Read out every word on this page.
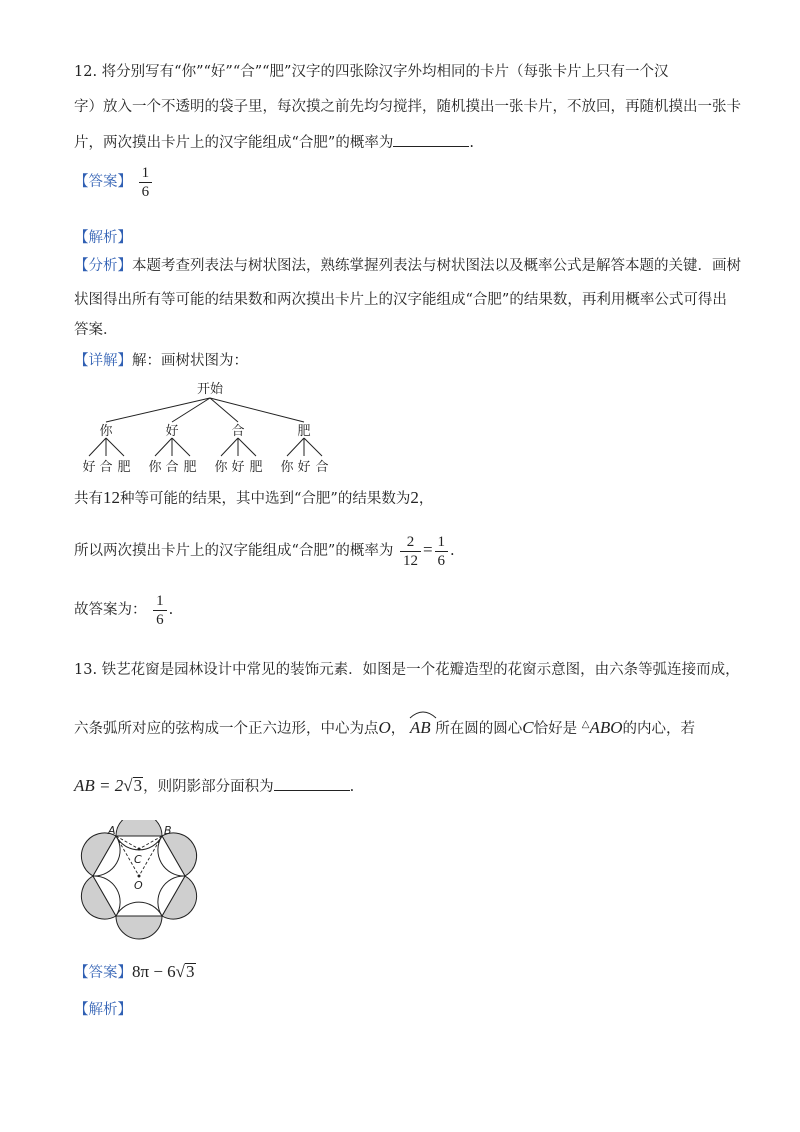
12. 将分别写有“你”“好”“合”“肥”汉字的四张除汉字外均相同的卡片（每张卡片上只有一个汉
字）放入一个不透明的袋子里，每次摸之前先均匀搅拌，随机摸出一张卡片，不放回，再随机摸出一张卡
片，两次摸出卡片上的汉字能组成“合肥”的概率为	.
【答案】 $\frac{1}{6}$
【解析】
【分析】本题考查列表法与树状图法，熟练掌握列表法与树状图法以及概率公式是解答本题的关键．画树
状图得出所有等可能的结果数和两次摸出卡片上的汉字能组成“合肥”的结果数，再利用概率公式可得出
答案．
【详解】解：画树状图为：
开始
你	好	合	肥
好 合 肥 你 合 肥 你 好 肥 你 好 合
共有12种等可能的结果，其中选到“合肥”的结果数为2，
所以两次摸出卡片上的汉字能组成“合肥”的概率为 $\frac{2}{12} = \frac{1}{6}$ .
故答案为： $\frac{1}{6}$ .
13. 铁艺花窗是园林设计中常见的装饰元素．如图是一个花瓣造型的花窗示意图，由六条等弧连接而成，
六条弧所对应的弦构成一个正六边形，中心为点O， AB 所在圆的圆心C恰好是 △ABO的内心，若
AB = 2√3，则阴影部分面积为	.
A	B
C
O
【答案】8π − 6√3
【解析】
